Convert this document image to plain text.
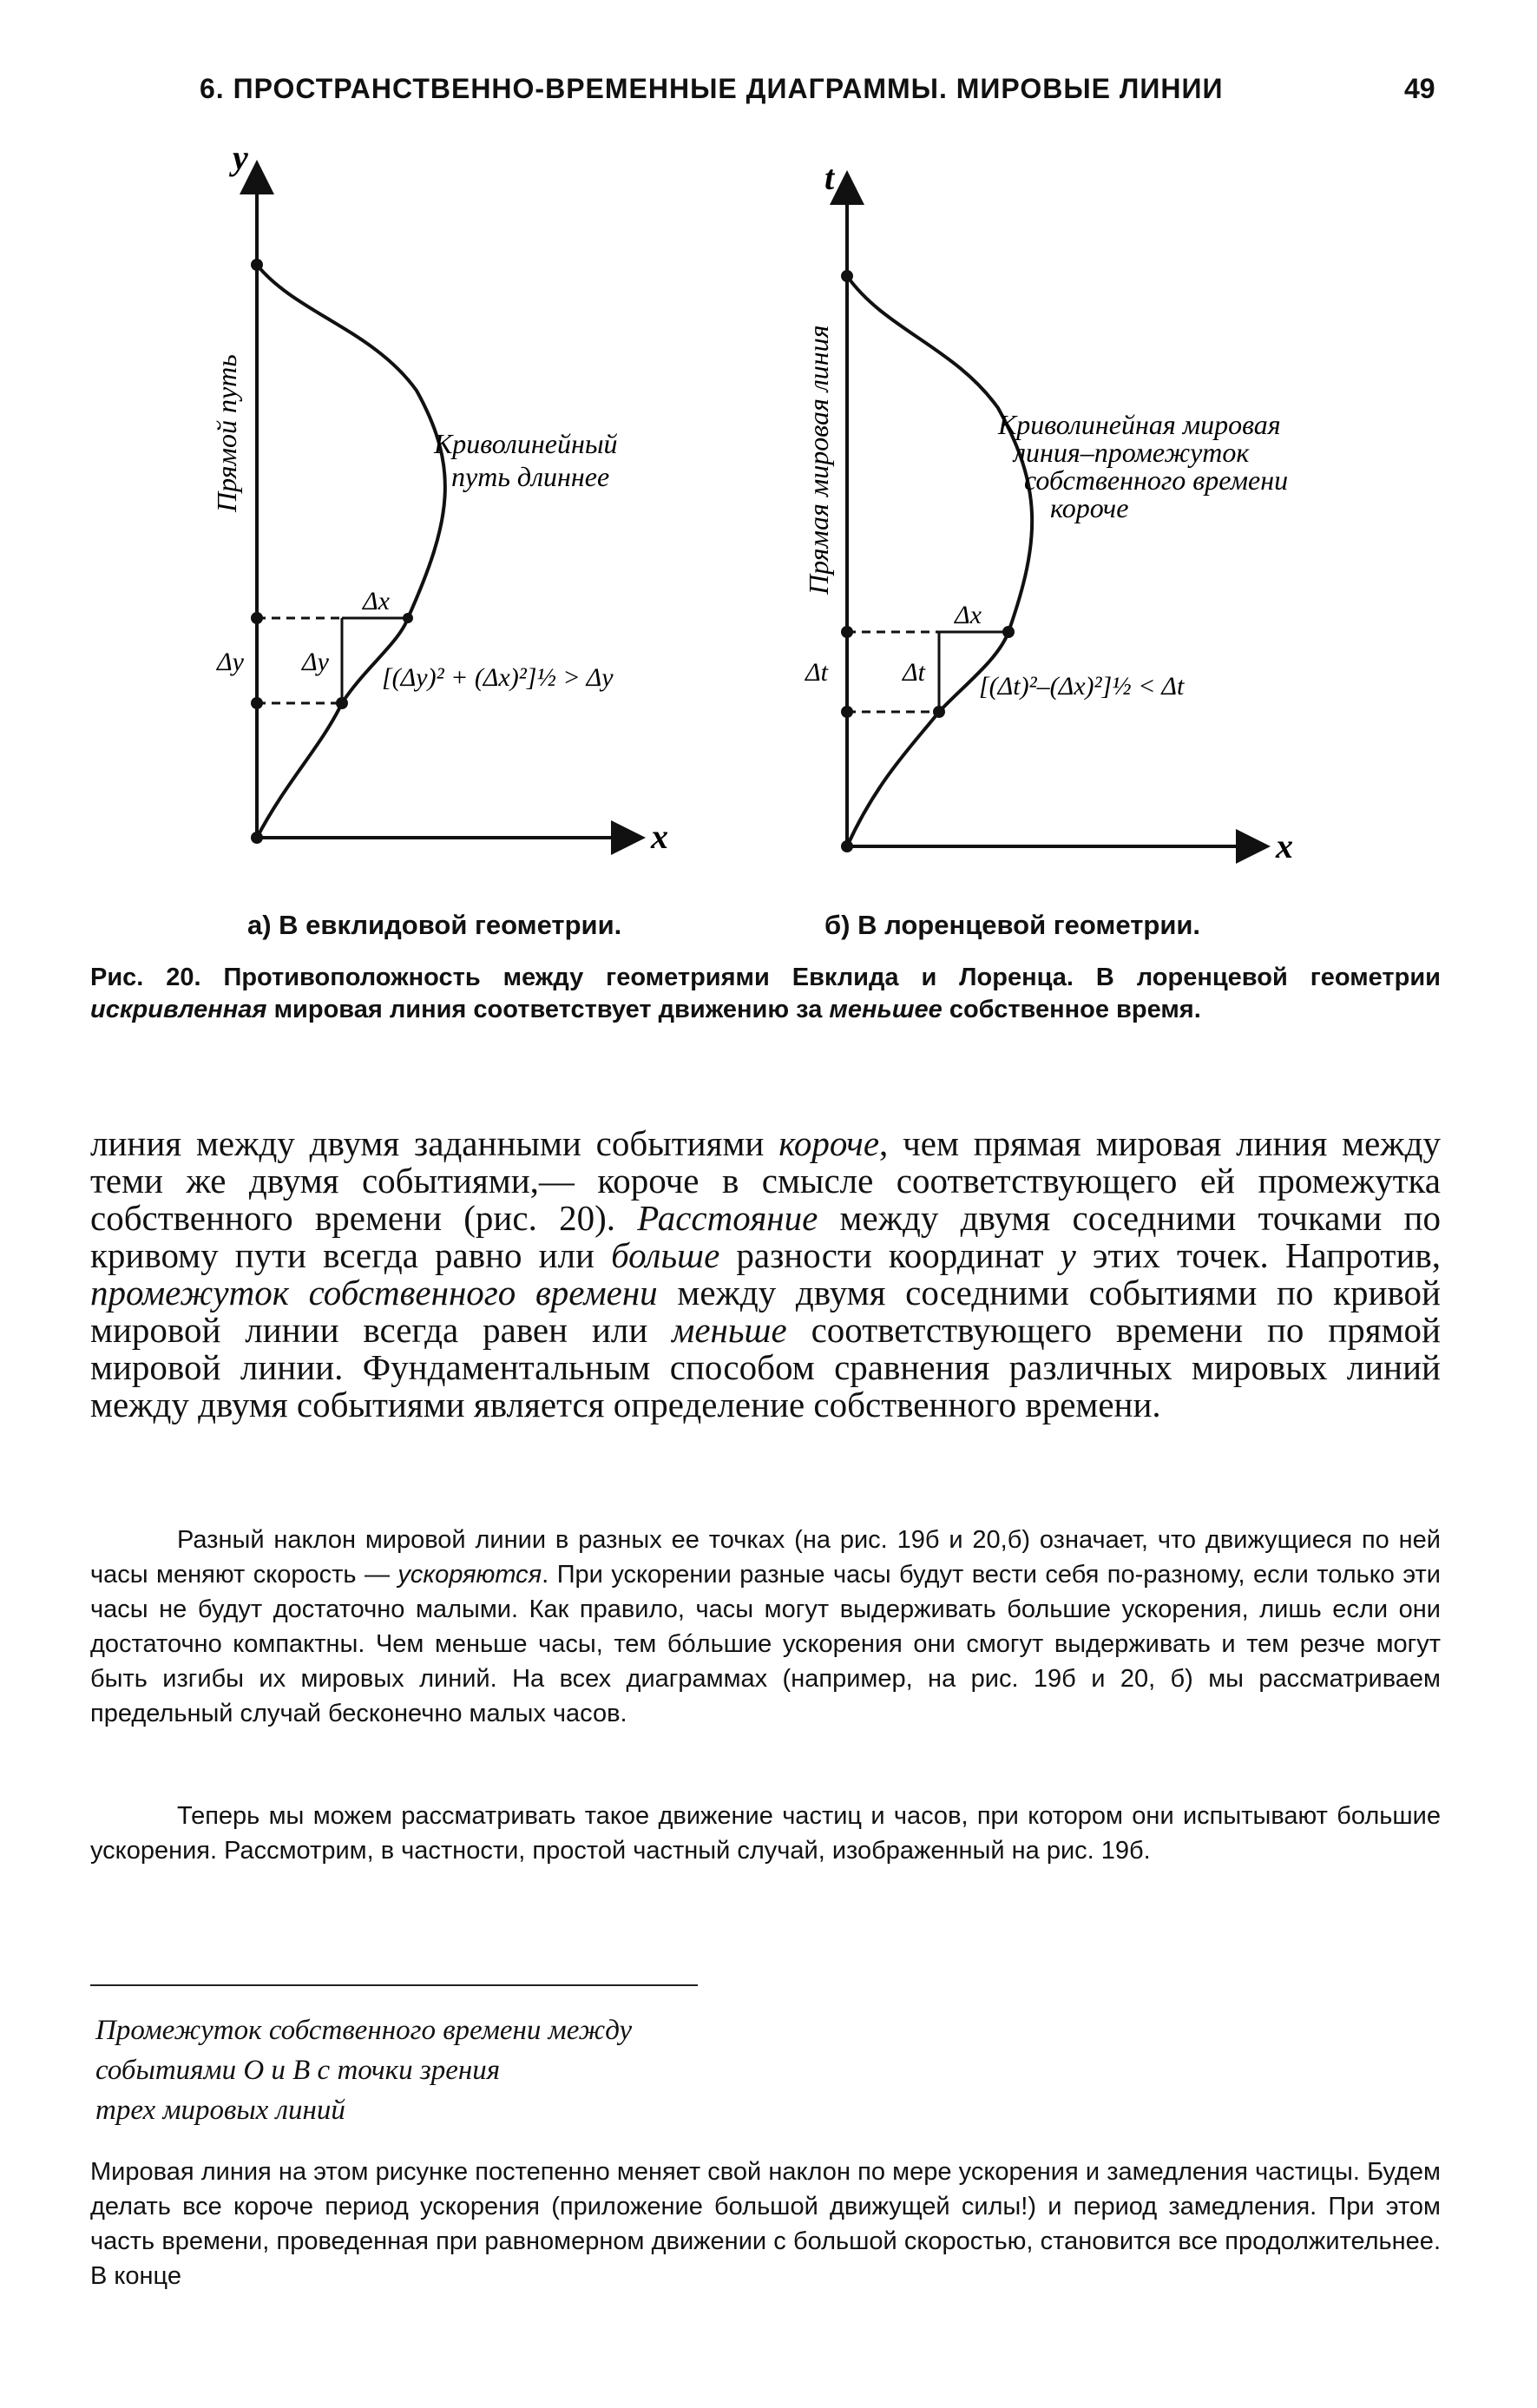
6. ПРОСТРАНСТВЕННО-ВРЕМЕННЫЕ ДИАГРАММЫ. МИРОВЫЕ ЛИНИИ	49
y
x
Прямой путь	Криволинейный
путь длиннее
Δx
Δy Δy
[(Δy)² + (Δx)²]½ > Δy
t
x
Прямая мировая линия	Криволинейная мировая
линия–промежуток
собственного времени
короче
Δx
Δt	Δt [(Δt)²–(Δx)²]½ < Δt
а) В евклидовой геометрии.	б) В лоренцевой геометрии.
Рис. 20. Противоположность между геометриями Евклида и Лоренца. В лоренцевой геометрии искривленная мировая линия соответствует движению за меньшее собственное время.
линия между двумя заданными событиями короче, чем прямая мировая линия между теми же двумя событиями,— короче в смысле соответствующего ей промежутка собственного времени (рис. 20). Расстояние между двумя соседними точками по кривому пути всегда равно или больше разности координат у этих точек. Напротив, промежуток собственного времени между двумя соседними событиями по кривой мировой линии всегда равен или меньше соответствующего времени по прямой мировой линии. Фундаментальным способом сравнения различных мировых линий между двумя событиями является определение собственного времени.
Разный наклон мировой линии в разных ее точках (на рис. 19б и 20,б) означает, что движущиеся по ней часы меняют скорость — ускоряются. При ускорении разные часы будут вести себя по-разному, если только эти часы не будут достаточно малыми. Как правило, часы могут выдерживать большие ускорения, лишь если они достаточно компактны. Чем меньше часы, тем бóльшие ускорения они смогут выдерживать и тем резче могут быть изгибы их мировых линий. На всех диаграммах (например, на рис. 19б и 20, б) мы рассматриваем предельный случай бесконечно малых часов.
Теперь мы можем рассматривать такое движение частиц и часов, при котором они испытывают большие ускорения. Рассмотрим, в частности, простой частный случай, изображенный на рис. 19б.
Промежуток собственного времени между
событиями О и В с точки зрения
трех мировых линий
Мировая линия на этом рисунке постепенно меняет свой наклон по мере ускорения и замедления частицы. Будем делать все короче период ускорения (приложение большой движущей силы!) и период замедления. При этом часть времени, проведенная при равномерном движении с большой скоростью, становится все продолжительнее. В конце
